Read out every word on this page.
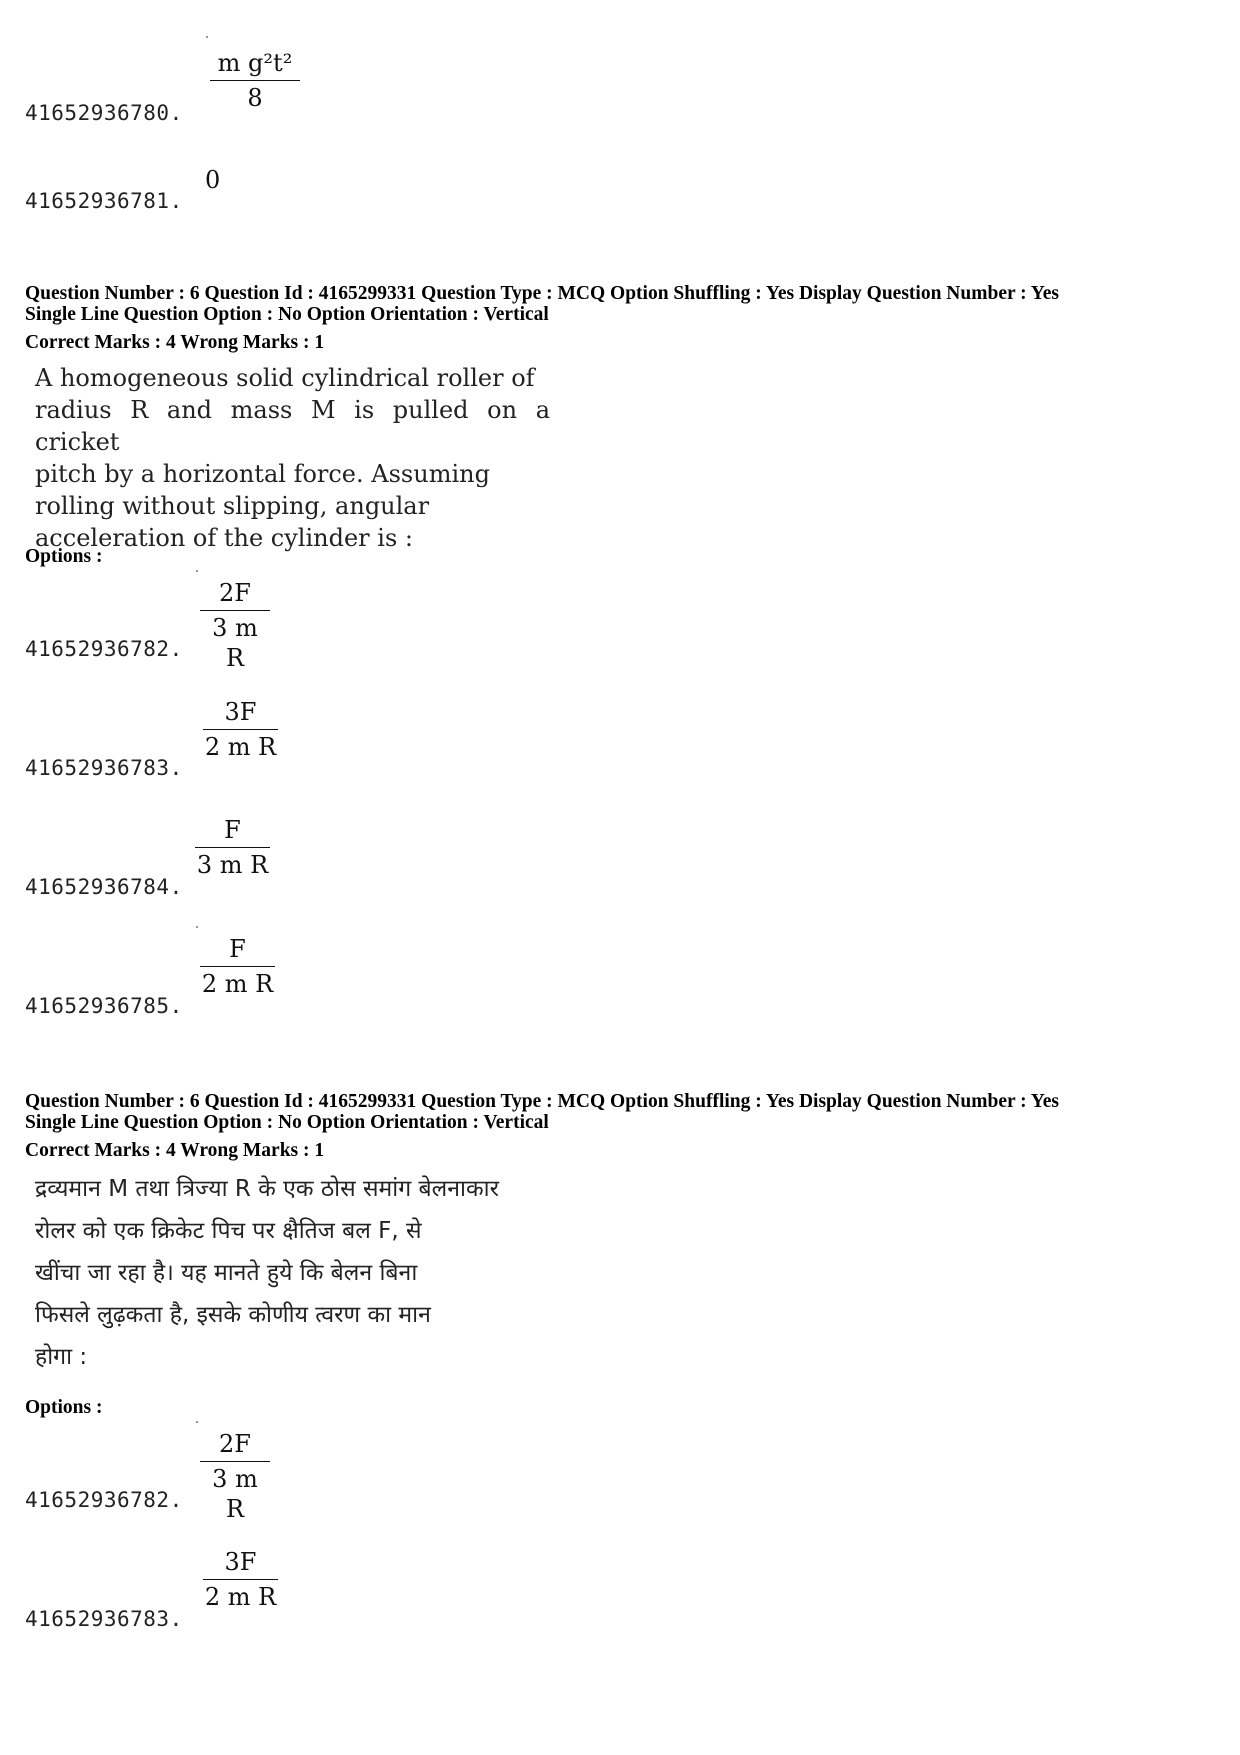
m g²t²
8
41652936780.
0
41652936781.
Question Number : 6 Question Id : 4165299331 Question Type : MCQ Option Shuffling : Yes Display Question Number : Yes
Single Line Question Option : No Option Orientation : Vertical
Correct Marks : 4 Wrong Marks : 1
A homogeneous solid cylindrical roller of
radius R and mass M is pulled on a cricket
pitch by a horizontal force. Assuming
rolling without slipping, angular
acceleration of the cylinder is :
Options :
2F
3 m R
41652936782.
3F
2 m R
41652936783.
F
3 m R
41652936784.
F
2 m R
41652936785.
Question Number : 6 Question Id : 4165299331 Question Type : MCQ Option Shuffling : Yes Display Question Number : Yes
Single Line Question Option : No Option Orientation : Vertical
Correct Marks : 4 Wrong Marks : 1
द्रव्यमान M तथा त्रिज्या R के एक ठोस समांग बेलनाकार
रोलर को एक क्रिकेट पिच पर क्षैतिज बल F, से
खींचा जा रहा है। यह मानते हुये कि बेलन बिना
फिसले लुढ़कता है, इसके कोणीय त्वरण का मान
होगा :
Options :
2F
3 m R
41652936782.
3F
2 m R
41652936783.
